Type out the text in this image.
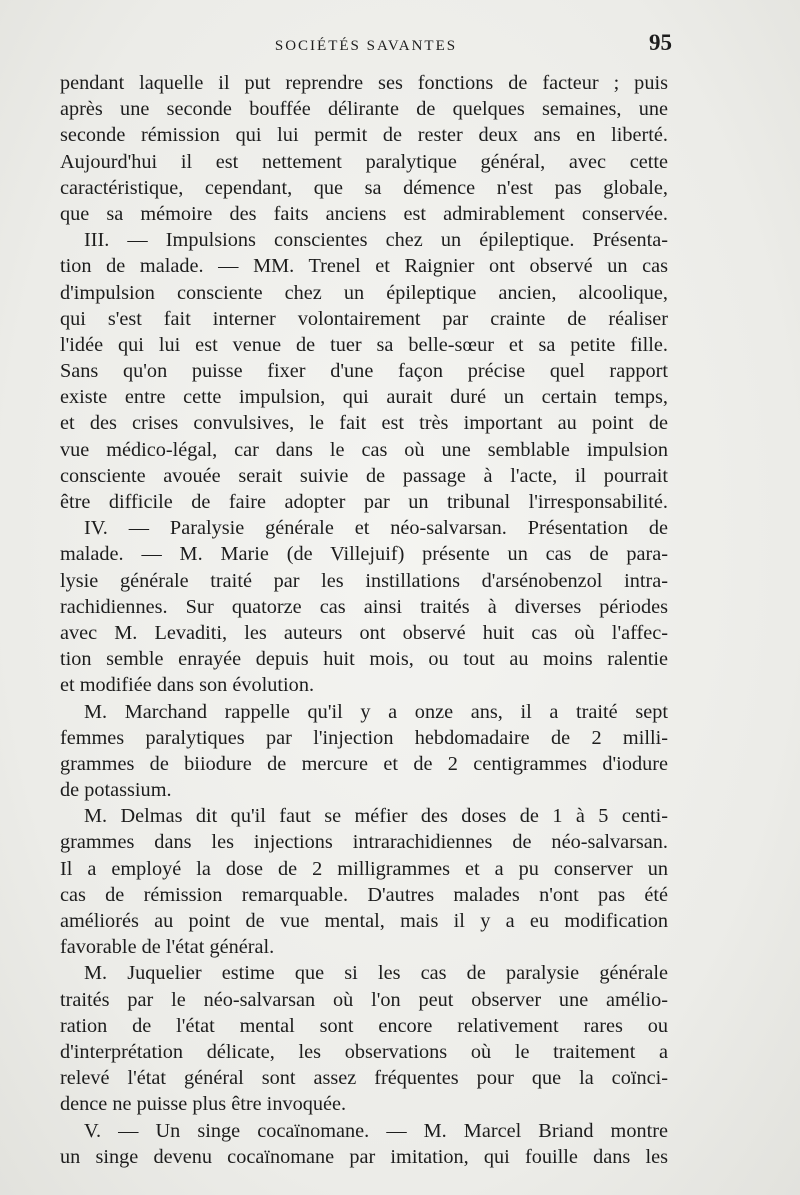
SOCIÉTÉS SAVANTES	95
pendant laquelle il put reprendre ses fonctions de facteur ; puis
après une seconde bouffée délirante de quelques semaines, une
seconde rémission qui lui permit de rester deux ans en liberté.
Aujourd'hui il est nettement paralytique général, avec cette
caractéristique, cependant, que sa démence n'est pas globale,
que sa mémoire des faits anciens est admirablement conservée.
III. — Impulsions conscientes chez un épileptique. Présenta-
tion de malade. — MM. Trenel et Raignier ont observé un cas
d'impulsion consciente chez un épileptique ancien, alcoolique,
qui s'est fait interner volontairement par crainte de réaliser
l'idée qui lui est venue de tuer sa belle-sœur et sa petite fille.
Sans qu'on puisse fixer d'une façon précise quel rapport
existe entre cette impulsion, qui aurait duré un certain temps,
et des crises convulsives, le fait est très important au point de
vue médico-légal, car dans le cas où une semblable impulsion
consciente avouée serait suivie de passage à l'acte, il pourrait
être difficile de faire adopter par un tribunal l'irresponsabilité.
IV. — Paralysie générale et néo-salvarsan. Présentation de
malade. — M. Marie (de Villejuif) présente un cas de para-
lysie générale traité par les instillations d'arsénobenzol intra-
rachidiennes. Sur quatorze cas ainsi traités à diverses périodes
avec M. Levaditi, les auteurs ont observé huit cas où l'affec-
tion semble enrayée depuis huit mois, ou tout au moins ralentie
et modifiée dans son évolution.
M. Marchand rappelle qu'il y a onze ans, il a traité sept
femmes paralytiques par l'injection hebdomadaire de 2 milli-
grammes de biiodure de mercure et de 2 centigrammes d'iodure
de potassium.
M. Delmas dit qu'il faut se méfier des doses de 1 à 5 centi-
grammes dans les injections intrarachidiennes de néo-salvarsan.
Il a employé la dose de 2 milligrammes et a pu conserver un
cas de rémission remarquable. D'autres malades n'ont pas été
améliorés au point de vue mental, mais il y a eu modification
favorable de l'état général.
M. Juquelier estime que si les cas de paralysie générale
traités par le néo-salvarsan où l'on peut observer une amélio-
ration de l'état mental sont encore relativement rares ou
d'interprétation délicate, les observations où le traitement a
relevé l'état général sont assez fréquentes pour que la coïnci-
dence ne puisse plus être invoquée.
V. — Un singe cocaïnomane. — M. Marcel Briand montre
un singe devenu cocaïnomane par imitation, qui fouille dans les
